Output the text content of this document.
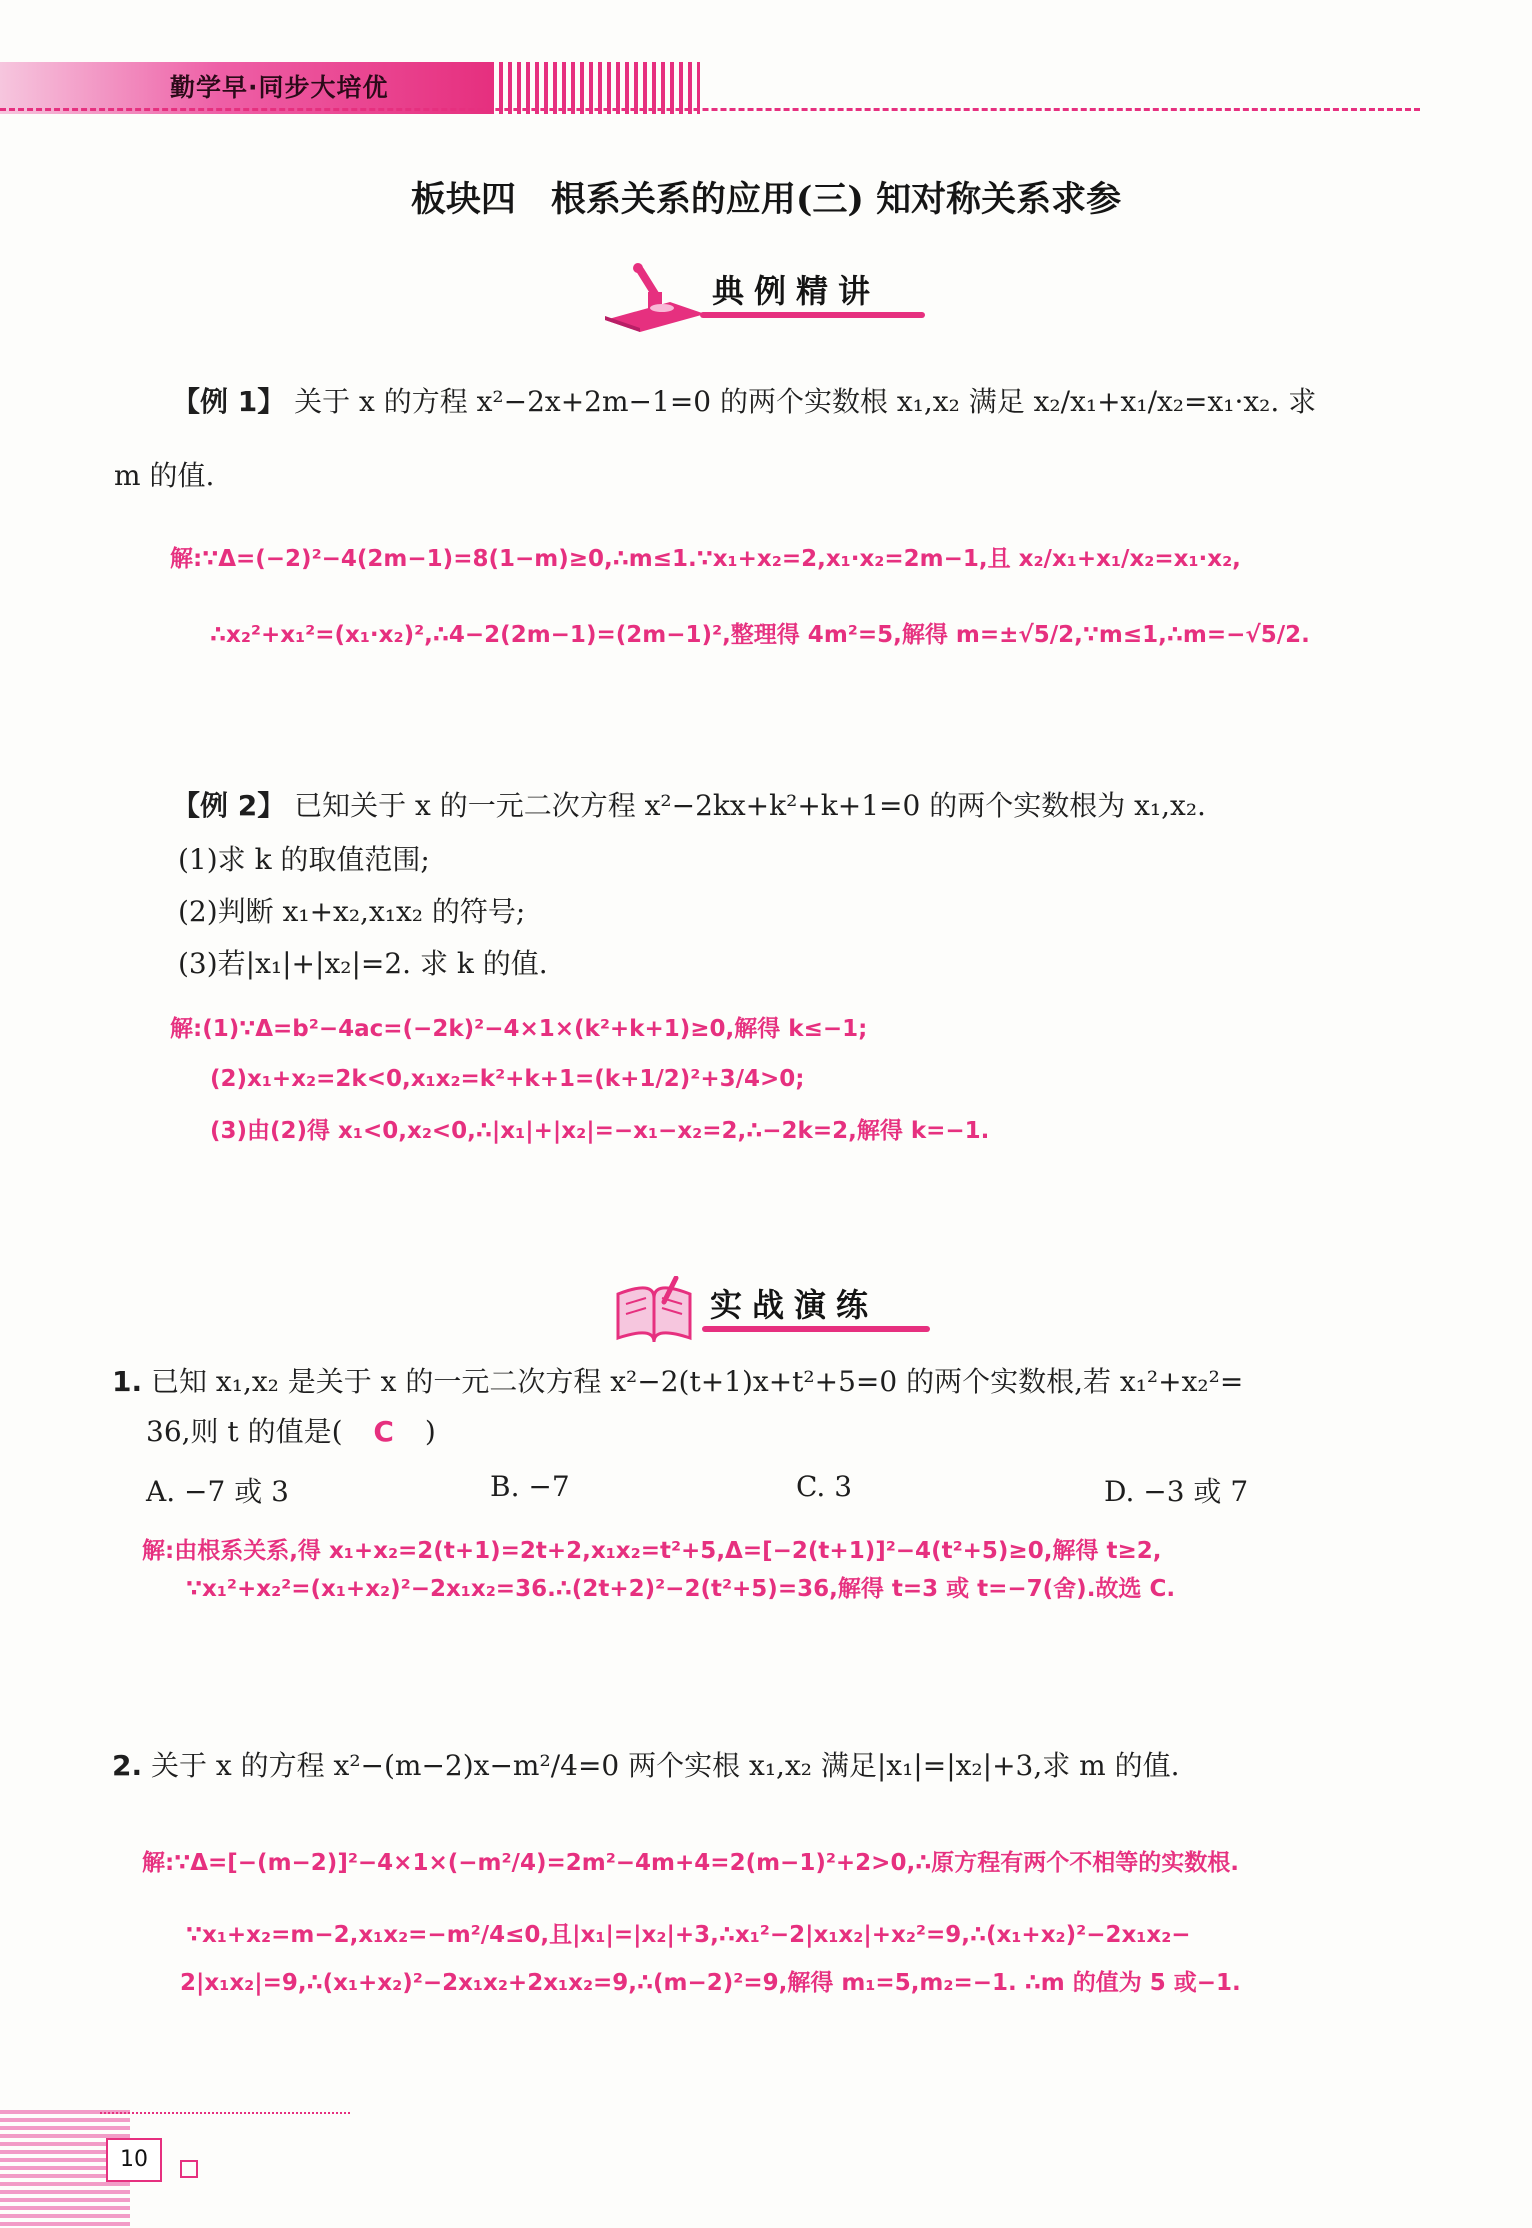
勤学早·同步大培优
板块四　根系关系的应用(三) 知对称关系求参
典例精讲
【例 1】 关于 x 的方程 x²−2x+2m−1=0 的两个实数根 x₁,x₂ 满足 x₂/x₁+x₁/x₂=x₁·x₂. 求
m 的值.
解:∵Δ=(−2)²−4(2m−1)=8(1−m)≥0,∴m≤1.∵x₁+x₂=2,x₁·x₂=2m−1,且 x₂/x₁+x₁/x₂=x₁·x₂,
∴x₂²+x₁²=(x₁·x₂)²,∴4−2(2m−1)=(2m−1)²,整理得 4m²=5,解得 m=±√5/2,∵m≤1,∴m=−√5/2.
【例 2】 已知关于 x 的一元二次方程 x²−2kx+k²+k+1=0 的两个实数根为 x₁,x₂.
(1)求 k 的取值范围;
(2)判断 x₁+x₂,x₁x₂ 的符号;
(3)若|x₁|+|x₂|=2. 求 k 的值.
解:(1)∵Δ=b²−4ac=(−2k)²−4×1×(k²+k+1)≥0,解得 k≤−1;
(2)x₁+x₂=2k<0,x₁x₂=k²+k+1=(k+1/2)²+3/4>0;
(3)由(2)得 x₁<0,x₂<0,∴|x₁|+|x₂|=−x₁−x₂=2,∴−2k=2,解得 k=−1.
实战演练
1. 已知 x₁,x₂ 是关于 x 的一元二次方程 x²−2(t+1)x+t²+5=0 的两个实数根,若 x₁²+x₂²=
36,则 t 的值是( C )
A. −7 或 3	B. −7	C. 3	D. −3 或 7
解:由根系关系,得 x₁+x₂=2(t+1)=2t+2,x₁x₂=t²+5,Δ=[−2(t+1)]²−4(t²+5)≥0,解得 t≥2,
∵x₁²+x₂²=(x₁+x₂)²−2x₁x₂=36.∴(2t+2)²−2(t²+5)=36,解得 t=3 或 t=−7(舍).故选 C.
2. 关于 x 的方程 x²−(m−2)x−m²/4=0 两个实根 x₁,x₂ 满足|x₁|=|x₂|+3,求 m 的值.
解:∵Δ=[−(m−2)]²−4×1×(−m²/4)=2m²−4m+4=2(m−1)²+2>0,∴原方程有两个不相等的实数根.
∵x₁+x₂=m−2,x₁x₂=−m²/4≤0,且|x₁|=|x₂|+3,∴x₁²−2|x₁x₂|+x₂²=9,∴(x₁+x₂)²−2x₁x₂−
2|x₁x₂|=9,∴(x₁+x₂)²−2x₁x₂+2x₁x₂=9,∴(m−2)²=9,解得 m₁=5,m₂=−1. ∴m 的值为 5 或−1.
10
